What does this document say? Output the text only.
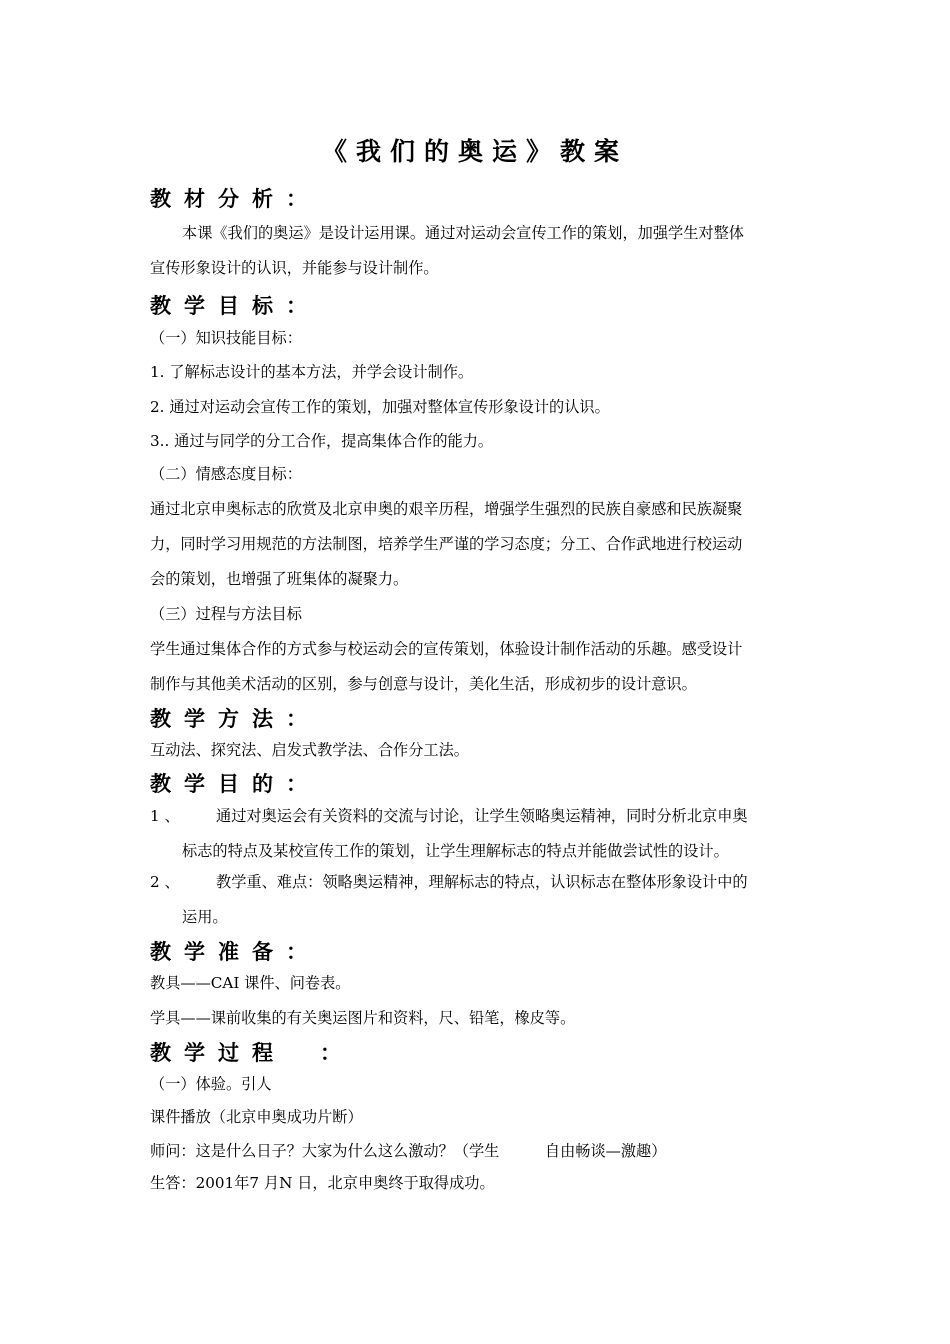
《我们的奥运》教案
教材分析：
本课《我们的奥运》是设计运用课。通过对运动会宣传工作的策划，加强学生对整体
宣传形象设计的认识，并能参与设计制作。
教学目标：
（一）知识技能目标：
1. 了解标志设计的基本方法，并学会设计制作。
2. 通过对运动会宣传工作的策划，加强对整体宣传形象设计的认识。
3.. 通过与同学的分工合作，提高集体合作的能力。
（二）情感态度目标：
通过北京申奥标志的欣赏及北京申奥的艰辛历程，增强学生强烈的民族自豪感和民族凝聚
力，同时学习用规范的方法制图，培养学生严谨的学习态度；分工、合作武地进行校运动
会的策划，也增强了班集体的凝聚力。
（三）过程与方法目标
学生通过集体合作的方式参与校运动会的宣传策划，体验设计制作活动的乐趣。感受设计
制作与其他美术活动的区别，参与创意与设计，美化生活，形成初步的设计意识。
教学方法：
互动法、探究法、启发式教学法、合作分工法。
教学目的：
1 、 通过对奥运会有关资料的交流与讨论，让学生领略奥运精神，同时分析北京申奥
标志的特点及某校宣传工作的策划，让学生理解标志的特点并能做尝试性的设计。
2 、 教学重、难点：领略奥运精神，理解标志的特点，认识标志在整体形象设计中的
运用。
教学准备：
教具——CAI 课件、问卷表。
学具——课前收集的有关奥运图片和资料，尺、铅笔，橡皮等。
教学过程　：
（一）体验。引人
课件播放（北京申奥成功片断）
师问：这是什么日子？大家为什么这么激动？（学生　　　自由畅谈—激趣）
生答：2001年7 月N 日，北京申奥终于取得成功。
